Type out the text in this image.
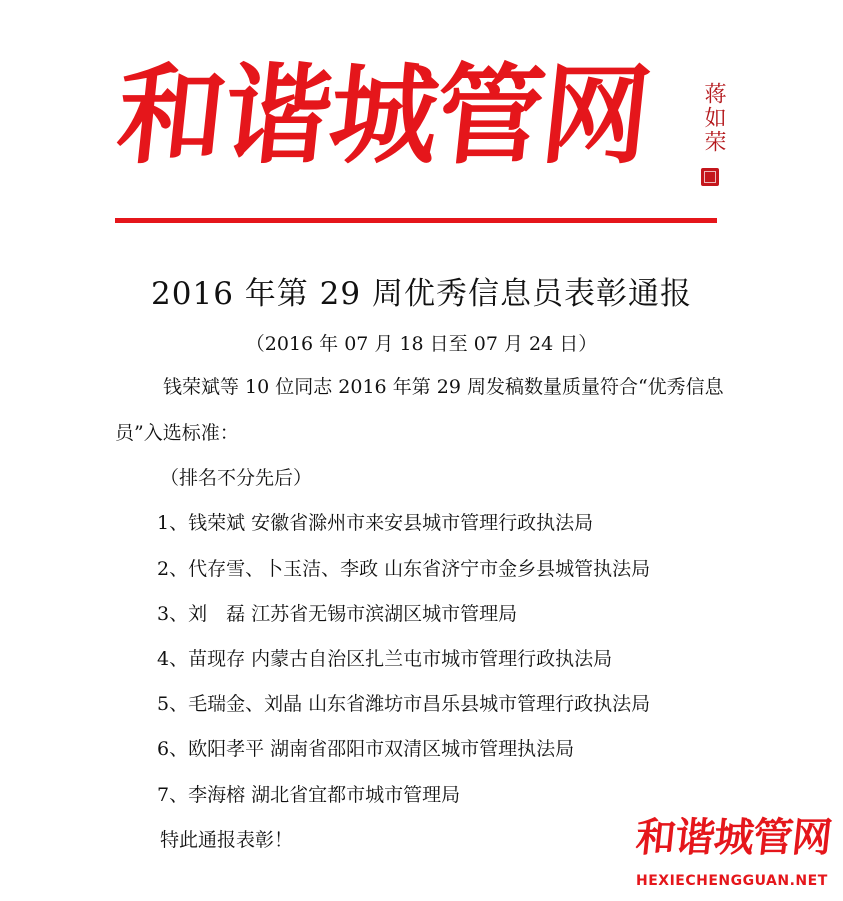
和谐城管网 蒋如荣
2016 年第 29 周优秀信息员表彰通报

（2016 年 07 月 18 日至 07 月 24 日）

钱荣斌等 10 位同志 2016 年第 29 周发稿数量质量符合“优秀信息

员”入选标准：

（排名不分先后）

1、钱荣斌 安徽省滁州市来安县城市管理行政执法局
2、代存雪、卜玉洁、李政 山东省济宁市金乡县城管执法局
3、刘　磊 江苏省无锡市滨湖区城市管理局
4、苗现存 内蒙古自治区扎兰屯市城市管理行政执法局
5、毛瑞金、刘晶 山东省潍坊市昌乐县城市管理行政执法局
6、欧阳孝平 湖南省邵阳市双清区城市管理执法局
7、李海榕 湖北省宜都市城市管理局

特此通报表彰！	和谐城管网
HEXIECHENGGUAN.NET
